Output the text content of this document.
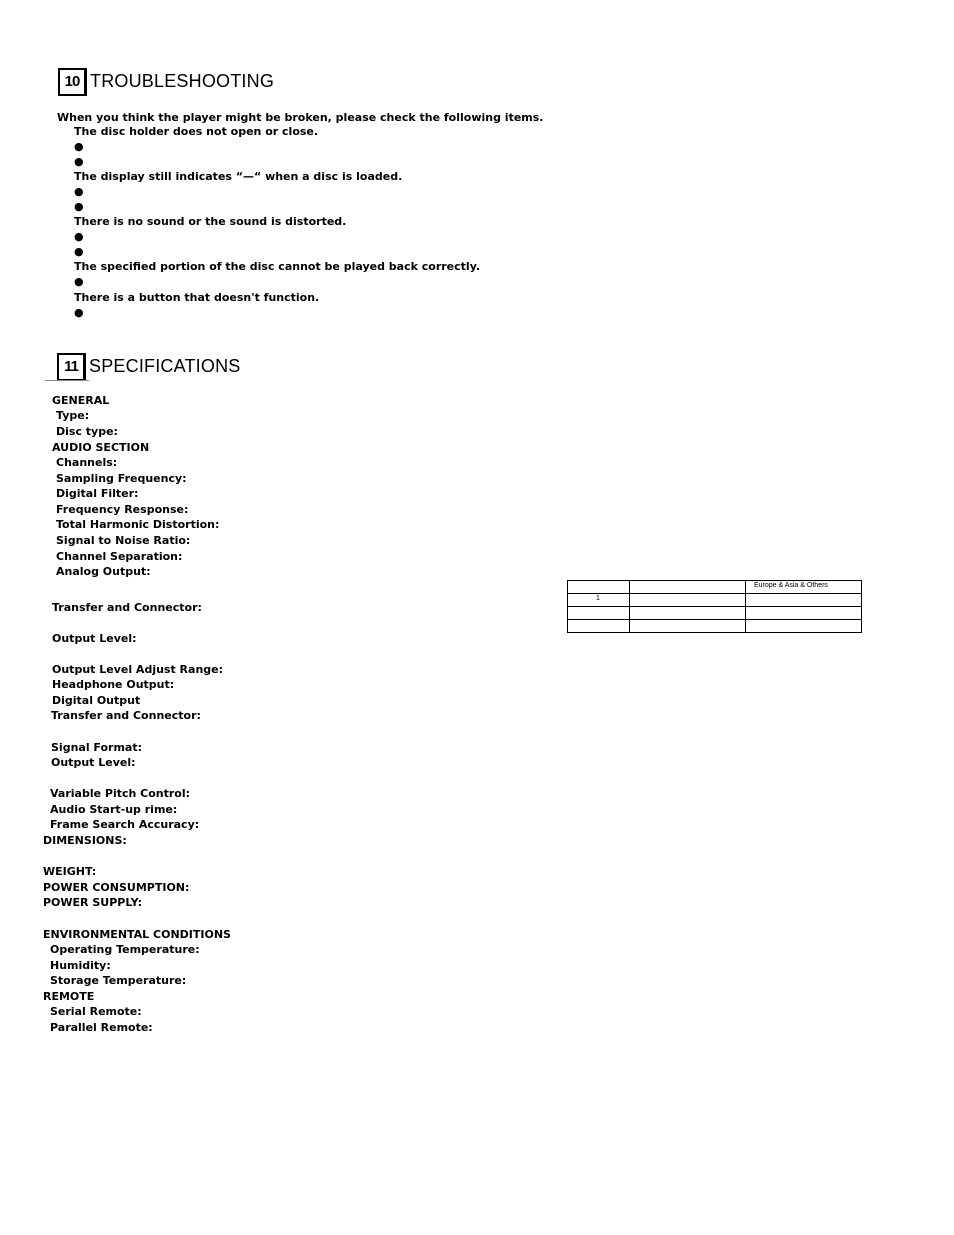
10 TROUBLESHOOTING
When you think the player might be broken, please check the following items.
The disc holder does not open or close.
●
●
The display still indicates “—“ when a disc is loaded.
●
●
There is no sound or the sound is distorted.
●
●
The specified portion of the disc cannot be played back correctly.
●
There is a button that doesn't function.
●
11 SPECIFICATIONS
GENERAL
Type:
Disc type:
AUDIO SECTION
Channels:
Sampling Frequency:
Digital Filter:
Frequency Response:
Total Harmonic Distortion:
Signal to Noise Ratio:
Channel Separation:
Analog Output:
Transfer and Connector:
Output Level:
Output Level Adjust Range:
Headphone Output:
Digital Output
Transfer and Connector:
Signal Format:
Output Level:
Variable Pitch Control:
Audio Start-up rime:
Frame Search Accuracy:
DIMENSIONS:
WEIGHT:
POWER CONSUMPTION:
POWER SUPPLY:
ENVIRONMENTAL CONDITIONS
Operating Temperature:
Humidity:
Storage Temperature:
REMOTE
Serial Remote:
Parallel Remote:
		Europe & Asia & Others
1		
